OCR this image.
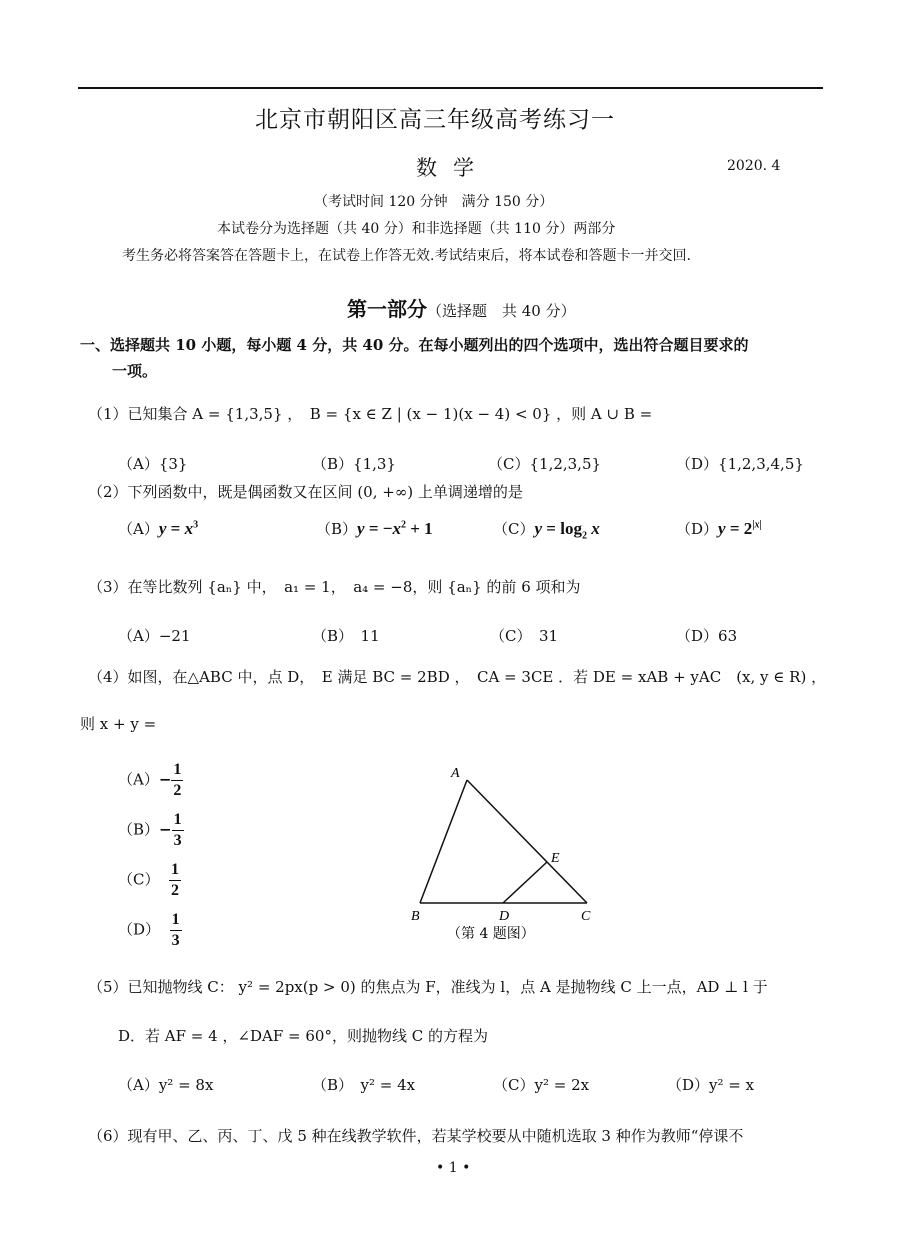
北京市朝阳区高三年级高考练习一
数学	2020. 4
（考试时间 120 分钟　满分 150 分）
本试卷分为选择题（共 40 分）和非选择题（共 110 分）两部分
考生务必将答案答在答题卡上，在试卷上作答无效.考试结束后，将本试卷和答题卡一并交回.
第一部分（选择题　共 40 分）
一、选择题共 10 小题，每小题 4 分，共 40 分。在每小题列出的四个选项中，选出符合题目要求的
一项。
（1）已知集合 A = {1,3,5} ，　B = {x ∈ Z | (x − 1)(x − 4) < 0} ，则 A ∪ B =
（A）{3}	（B）{1,3}	（C）{1,2,3,5}	（D）{1,2,3,4,5}
（2）下列函数中，既是偶函数又在区间 (0, +∞) 上单调递增的是
$(A)y = x^3$	$(B)y = -x^2 + 1$	$(C)y = \log_2 x$	$(D)y = 2^{|x|}$
（3）在等比数列 {aₙ} 中，　a₁ = 1，　a₄ = −8，则 {aₙ} 的前 6 项和为
（A）−21	（B）　11	（C）　31	（D）63
（4）如图，在△ABC 中，点 D，　E 满足 BC = 2BD ，　CA = 3CE ．若 DE = xAB + yAC　(x, y ∈ R) ，
则 x + y =
$(A)- \frac{1}{2}$
$(B)- \frac{1}{3}$
$(C) \frac{1}{2}$
$(D) \frac{1}{3}$
A
B	C
D
E
（第 4 题图）
（5）已知抛物线 C： y² = 2px(p > 0) 的焦点为 F，准线为 l，点 A 是抛物线 C 上一点，AD ⊥ l 于
D．若 AF = 4 ，∠DAF = 60°，则抛物线 C 的方程为
（A）y² = 8x	（B）　y² = 4x	（C）y² = 2x	（D）y² = x
（6）现有甲、乙、丙、丁、戊 5 种在线教学软件，若某学校要从中随机选取 3 种作为教师“停课不
• 1 •
